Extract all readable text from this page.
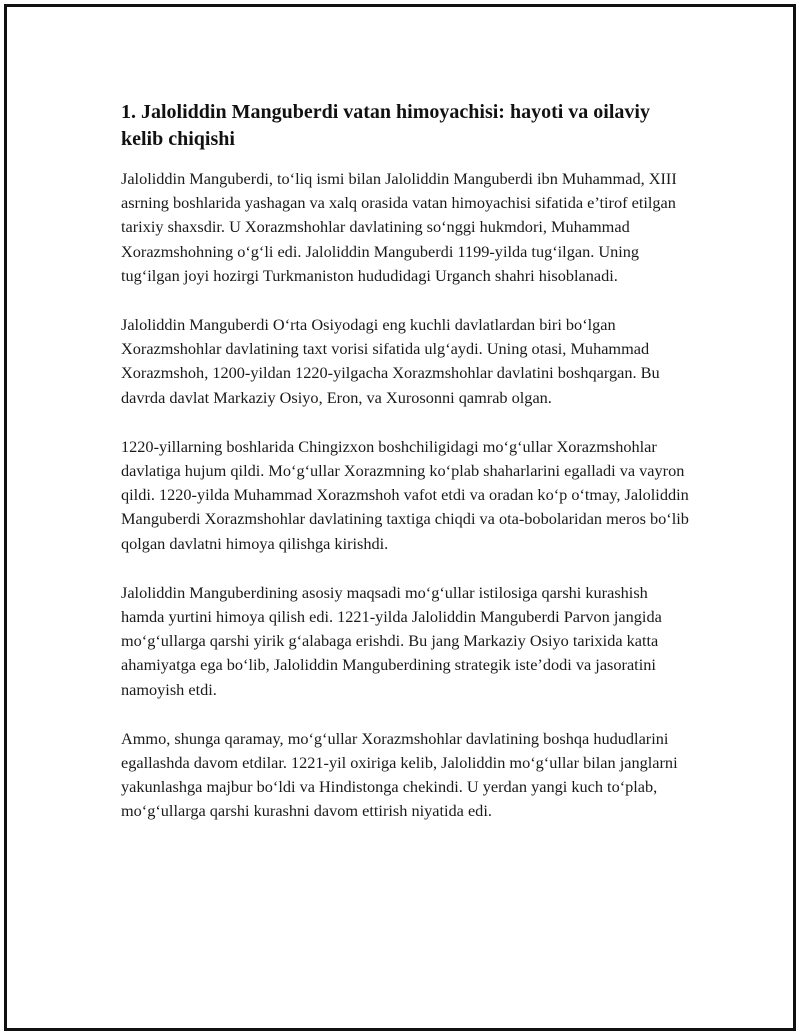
1. Jaloliddin Manguberdi vatan himoyachisi: hayoti va oilaviy kelib chiqishi

Jaloliddin Manguberdi, to‘liq ismi bilan Jaloliddin Manguberdi ibn Muhammad, XIII asrning boshlarida yashagan va xalq orasida vatan himoyachisi sifatida e’tirof etilgan tarixiy shaxsdir. U Xorazmshohlar davlatining so‘nggi hukmdori, Muhammad Xorazmshohning o‘g‘li edi. Jaloliddin Manguberdi 1199-yilda tug‘ilgan. Uning tug‘ilgan joyi hozirgi Turkmaniston hududidagi Urganch shahri hisoblanadi.

Jaloliddin Manguberdi O‘rta Osiyodagi eng kuchli davlatlardan biri bo‘lgan Xorazmshohlar davlatining taxt vorisi sifatida ulg‘aydi. Uning otasi, Muhammad Xorazmshoh, 1200-yildan 1220-yilgacha Xorazmshohlar davlatini boshqargan. Bu davrda davlat Markaziy Osiyo, Eron, va Xurosonni qamrab olgan.

1220-yillarning boshlarida Chingizxon boshchiligidagi mo‘g‘ullar Xorazmshohlar davlatiga hujum qildi. Mo‘g‘ullar Xorazmning ko‘plab shaharlarini egalladi va vayron qildi. 1220-yilda Muhammad Xorazmshoh vafot etdi va oradan ko‘p o‘tmay, Jaloliddin Manguberdi Xorazmshohlar davlatining taxtiga chiqdi va ota-bobolaridan meros bo‘lib qolgan davlatni himoya qilishga kirishdi.

Jaloliddin Manguberdining asosiy maqsadi mo‘g‘ullar istilosiga qarshi kurashish hamda yurtini himoya qilish edi. 1221-yilda Jaloliddin Manguberdi Parvon jangida mo‘g‘ullarga qarshi yirik g‘alabaga erishdi. Bu jang Markaziy Osiyo tarixida katta ahamiyatga ega bo‘lib, Jaloliddin Manguberdining strategik iste’dodi va jasoratini namoyish etdi.

Ammo, shunga qaramay, mo‘g‘ullar Xorazmshohlar davlatining boshqa hududlarini egallashda davom etdilar. 1221-yil oxiriga kelib, Jaloliddin mo‘g‘ullar bilan janglarni yakunlashga majbur bo‘ldi va Hindistonga chekindi. U yerdan yangi kuch to‘plab, mo‘g‘ullarga qarshi kurashni davom ettirish niyatida edi.
